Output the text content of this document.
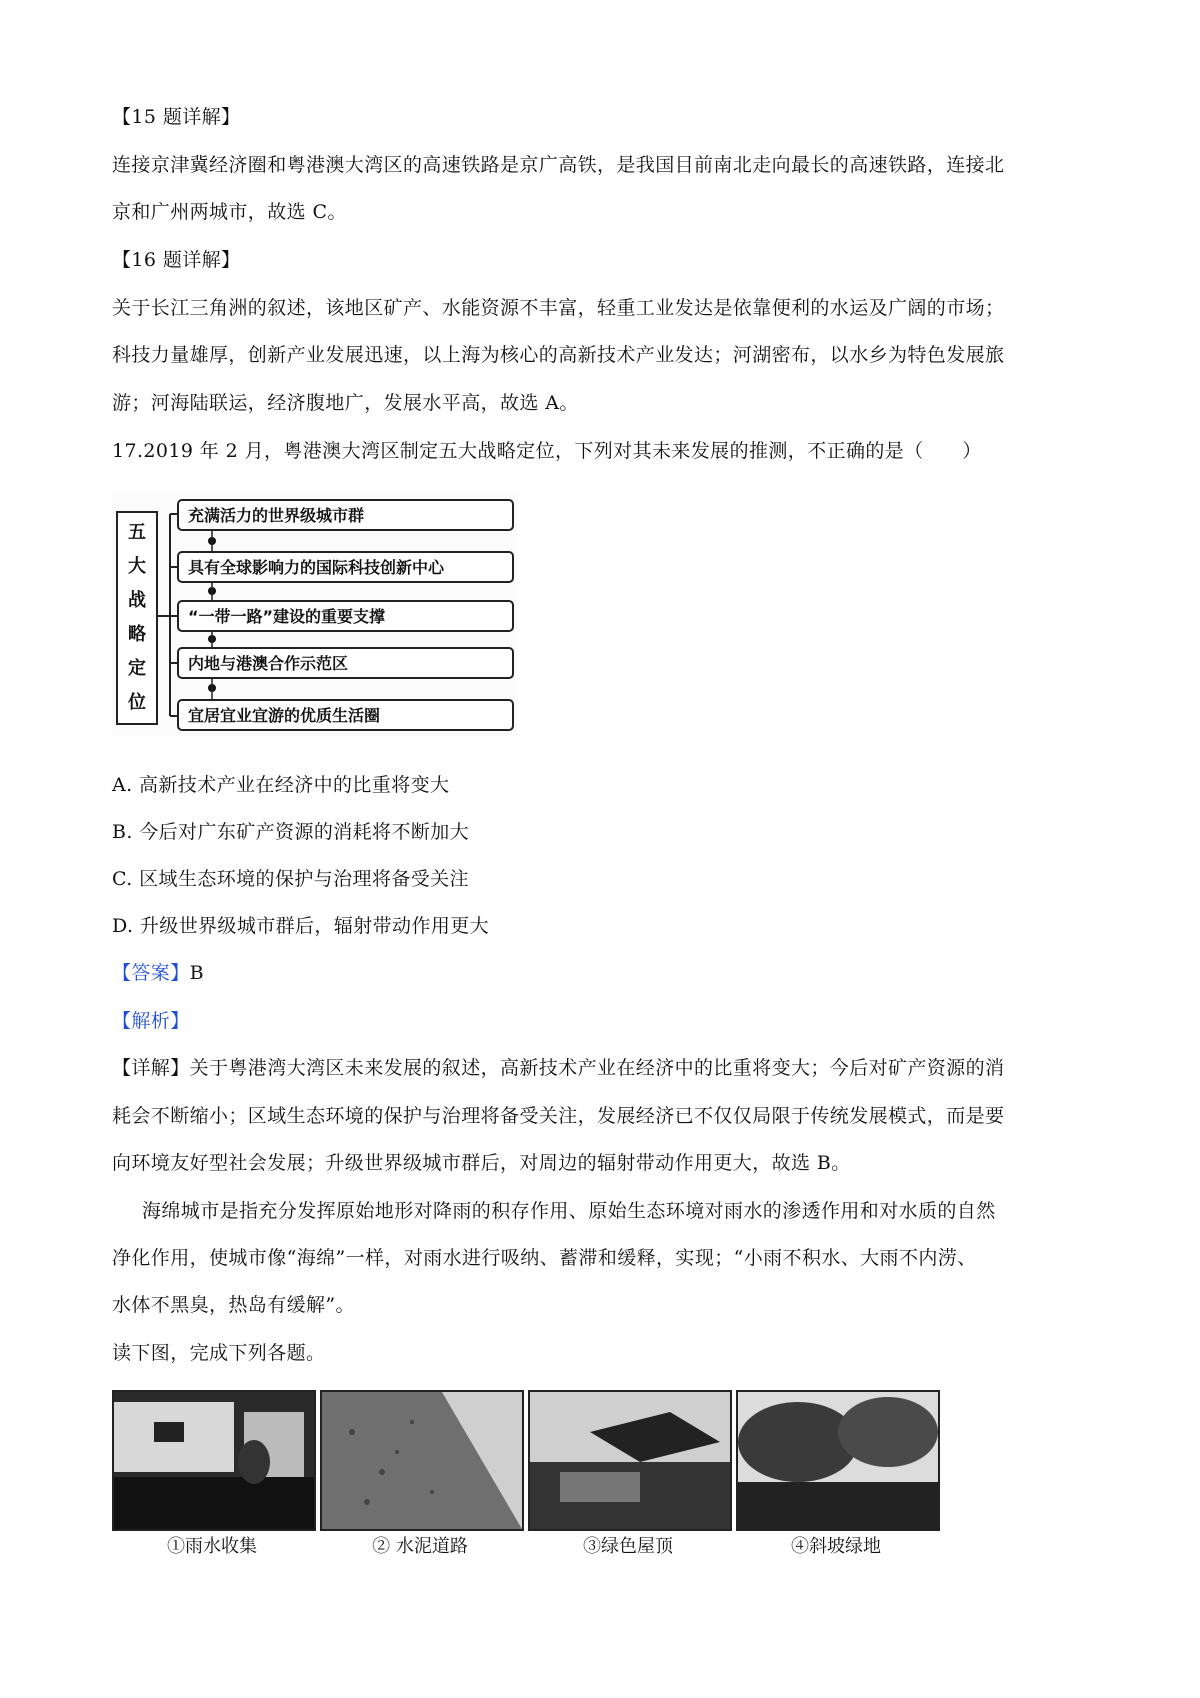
【15 题详解】
连接京津冀经济圈和粤港澳大湾区的高速铁路是京广高铁，是我国目前南北走向最长的高速铁路，连接北
京和广州两城市，故选 C。
【16 题详解】
关于长江三角洲的叙述，该地区矿产、水能资源不丰富，轻重工业发达是依靠便利的水运及广阔的市场；
科技力量雄厚，创新产业发展迅速，以上海为核心的高新技术产业发达；河湖密布，以水乡为特色发展旅
游；河海陆联运，经济腹地广，发展水平高，故选 A。
17.2019 年 2 月，粤港澳大湾区制定五大战略定位，下列对其未来发展的推测，不正确的是（　　）
五
大
战
略
定
位
充满活力的世界级城市群
具有全球影响力的国际科技创新中心
“一带一路”建设的重要支撑
内地与港澳合作示范区
宜居宜业宜游的优质生活圈
A. 高新技术产业在经济中的比重将变大
B. 今后对广东矿产资源的消耗将不断加大
C. 区域生态环境的保护与治理将备受关注
D. 升级世界级城市群后，辐射带动作用更大
【答案】B
【解析】
【详解】关于粤港湾大湾区未来发展的叙述，高新技术产业在经济中的比重将变大；今后对矿产资源的消
耗会不断缩小；区域生态环境的保护与治理将备受关注，发展经济已不仅仅局限于传统发展模式，而是要
向环境友好型社会发展；升级世界级城市群后，对周边的辐射带动作用更大，故选 B。
海绵城市是指充分发挥原始地形对降雨的积存作用、原始生态环境对雨水的渗透作用和对水质的自然
净化作用，使城市像“海绵”一样，对雨水进行吸纳、蓄滞和缓释，实现；“小雨不积水、大雨不内涝、
水体不黑臭，热岛有缓解”。
读下图，完成下列各题。
①雨水收集	② 水泥道路	③绿色屋顶	④斜坡绿地
